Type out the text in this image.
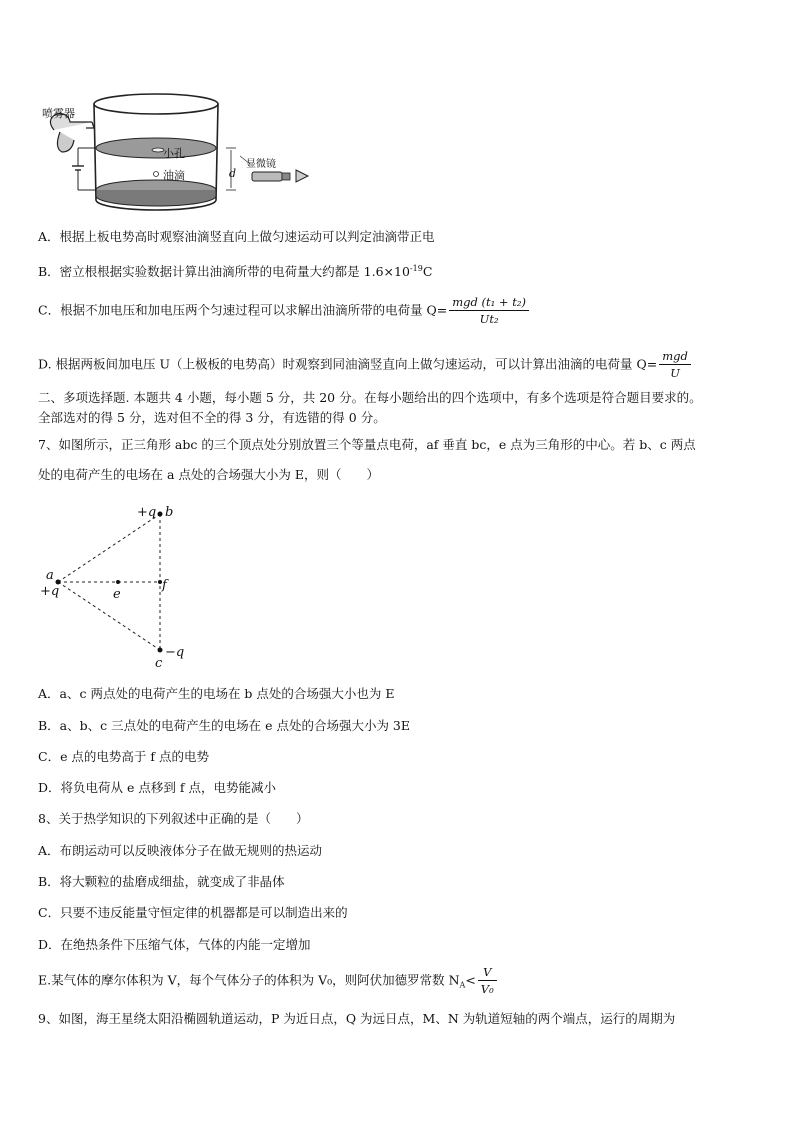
喷雾器
小孔
油滴	d
显微镜
A．根据上板电势高时观察油滴竖直向上做匀速运动可以判定油滴带正电
B．密立根根据实验数据计算出油滴所带的电荷量大约都是 $1.6\times 10^{-19}C$
C．根据不加电压和加电压两个匀速过程可以求解出油滴所带的电荷量 $Q= \frac{\text{mgd (t₁ + t₂)}}{\text{Ut₂}}$
D. 根据两板间加电压 U（上极板的电势高）时观察到同油滴竖直向上做匀速运动，可以计算出油滴的电荷量 $Q= \frac{\text{mgd}}{U}$
二、多项选择题. 本题共 4 小题，每小题 5 分，共 20 分。在每小题给出的四个选项中，有多个选项是符合题目要求的。
全部选对的得 5 分，选对但不全的得 3 分，有选错的得 0 分。
7、如图所示，正三角形 abc 的三个顶点处分别放置三个等量点电荷，af 垂直 bc，e 点为三角形的中心。若 b、c 两点
处的电荷产生的电场在 a 点处的合场强大小为 E，则（　　）
+q b
a
+q	e
f
c
−q
A．a、c 两点处的电荷产生的电场在 b 点处的合场强大小也为 E
B．a、b、c 三点处的电荷产生的电场在 e 点处的合场强大小为 3E
C．e 点的电势高于 f 点的电势
D．将负电荷从 e 点移到 f 点，电势能减小
8、关于热学知识的下列叙述中正确的是（　　）
A．布朗运动可以反映液体分子在做无规则的热运动
B．将大颗粒的盐磨成细盐，就变成了非晶体
C．只要不违反能量守恒定律的机器都是可以制造出来的
D．在绝热条件下压缩气体，气体的内能一定增加
E.某气体的摩尔体积为 V，每个气体分子的体积为 V₀，则阿伏加德罗常数 $N_A< \frac{V}{\text{V₀}}$
9、如图，海王星绕太阳沿椭圆轨道运动，P 为近日点，Q 为远日点，M、N 为轨道短轴的两个端点，运行的周期为
